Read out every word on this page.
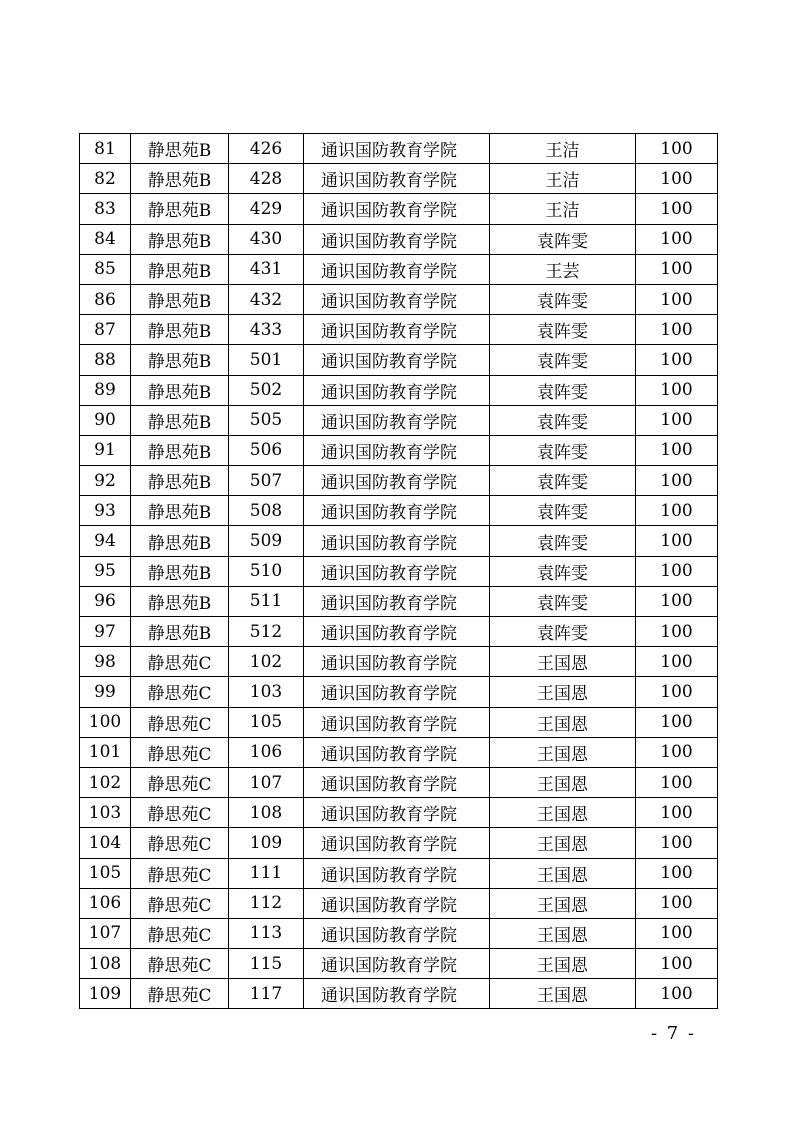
81	静思苑B	426	通识国防教育学院	王洁	100
82	静思苑B	428	通识国防教育学院	王洁	100
83	静思苑B	429	通识国防教育学院	王洁	100
84	静思苑B	430	通识国防教育学院	袁阵雯	100
85	静思苑B	431	通识国防教育学院	王芸	100
86	静思苑B	432	通识国防教育学院	袁阵雯	100
87	静思苑B	433	通识国防教育学院	袁阵雯	100
88	静思苑B	501	通识国防教育学院	袁阵雯	100
89	静思苑B	502	通识国防教育学院	袁阵雯	100
90	静思苑B	505	通识国防教育学院	袁阵雯	100
91	静思苑B	506	通识国防教育学院	袁阵雯	100
92	静思苑B	507	通识国防教育学院	袁阵雯	100
93	静思苑B	508	通识国防教育学院	袁阵雯	100
94	静思苑B	509	通识国防教育学院	袁阵雯	100
95	静思苑B	510	通识国防教育学院	袁阵雯	100
96	静思苑B	511	通识国防教育学院	袁阵雯	100
97	静思苑B	512	通识国防教育学院	袁阵雯	100
98	静思苑C	102	通识国防教育学院	王国恩	100
99	静思苑C	103	通识国防教育学院	王国恩	100
100	静思苑C	105	通识国防教育学院	王国恩	100
101	静思苑C	106	通识国防教育学院	王国恩	100
102	静思苑C	107	通识国防教育学院	王国恩	100
103	静思苑C	108	通识国防教育学院	王国恩	100
104	静思苑C	109	通识国防教育学院	王国恩	100
105	静思苑C	111	通识国防教育学院	王国恩	100
106	静思苑C	112	通识国防教育学院	王国恩	100
107	静思苑C	113	通识国防教育学院	王国恩	100
108	静思苑C	115	通识国防教育学院	王国恩	100
109	静思苑C	117	通识国防教育学院	王国恩	100
- 7 -
